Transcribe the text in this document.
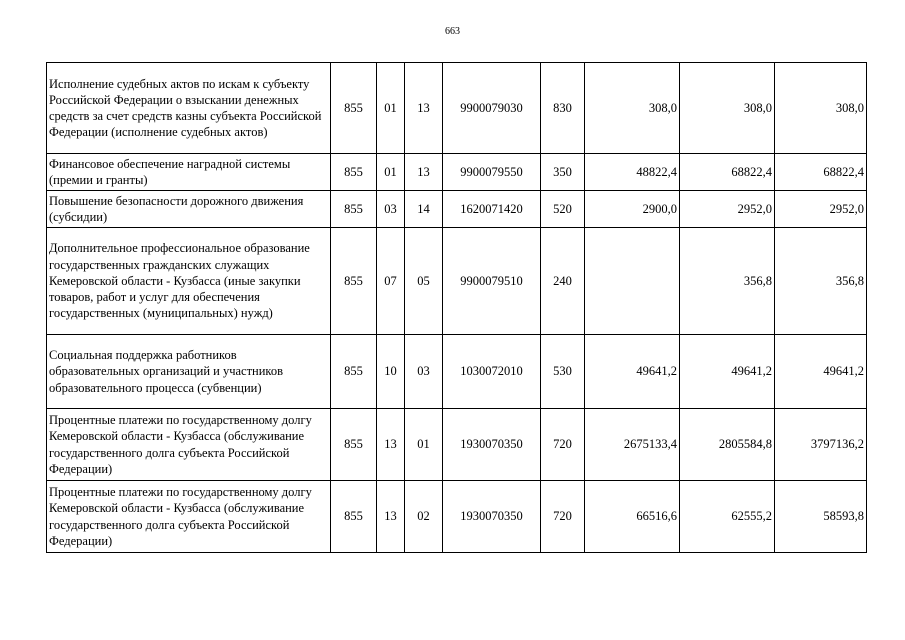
663
Исполнение судебных актов по искам к субъекту Российской Федерации о взыскании денежных средств за счет средств казны субъекта Российской Федерации (исполнение судебных актов)	855	01	13	9900079030	830	308,0	308,0	308,0
Финансовое обеспечение наградной системы (премии и гранты)	855	01	13	9900079550	350	48822,4	68822,4	68822,4
Повышение безопасности дорожного движения (субсидии)	855	03	14	1620071420	520	2900,0	2952,0	2952,0
Дополнительное профессиональное образование государственных гражданских служащих Кемеровской области - Кузбасса (иные закупки товаров, работ и услуг для обеспечения государственных (муниципальных) нужд)	855	07	05	9900079510	240		356,8	356,8
Социальная поддержка работников образовательных организаций и участников образовательного процесса (субвенции)	855	10	03	1030072010	530	49641,2	49641,2	49641,2
Процентные платежи по государственному долгу Кемеровской области - Кузбасса (обслуживание государственного долга субъекта Российской Федерации)	855	13	01	1930070350	720	2675133,4	2805584,8	3797136,2
Процентные платежи по государственному долгу Кемеровской области - Кузбасса (обслуживание государственного долга субъекта Российской Федерации)	855	13	02	1930070350	720	66516,6	62555,2	58593,8
